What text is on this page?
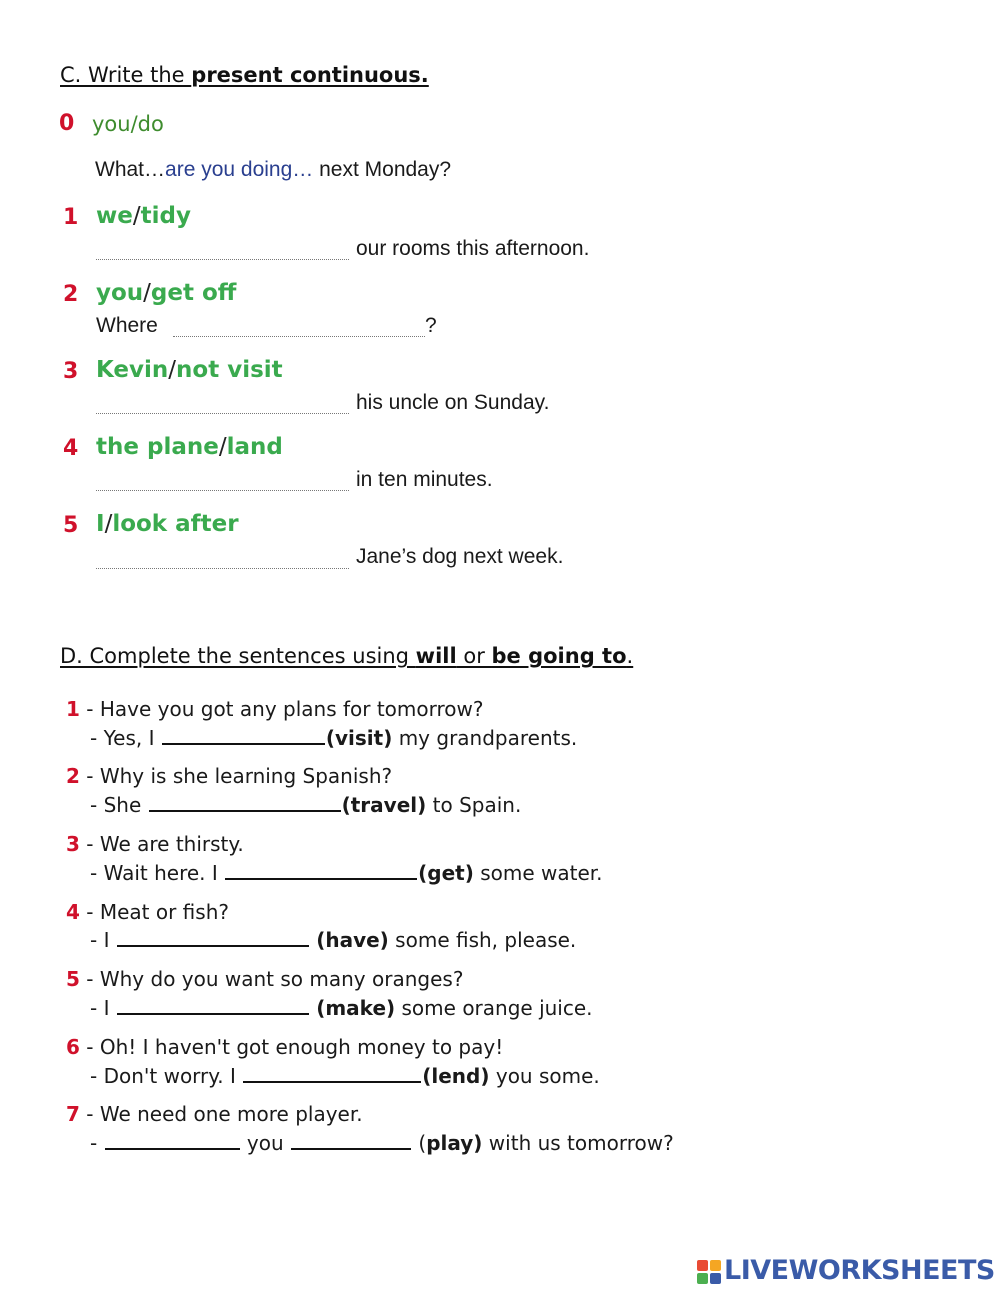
C. Write the present continuous.
0 you/do
What…are you doing… next Monday?
1 we/tidy
our rooms this afternoon.
2 you/get off
Where	?
3 Kevin/not visit
his uncle on Sunday.
4 the plane/land
in ten minutes.
5 I/look after
Jane’s dog next week.
D. Complete the sentences using will or be going to.
1 - Have you got any plans for tomorrow?
- Yes, I	(visit) my grandparents.
2 - Why is she learning Spanish?
- She	(travel) to Spain.
3 - We are thirsty.
- Wait here. I	(get) some water.
4 - Meat or fish?
- I	(have) some fish, please.
5 - Why do you want so many oranges?
- I	(make) some orange juice.
6 - Oh! I haven't got enough money to pay!
- Don't worry. I	(lend) you some.
7 - We need one more player.
-	you	(play) with us tomorrow?
LIVEWORKSHEETS
